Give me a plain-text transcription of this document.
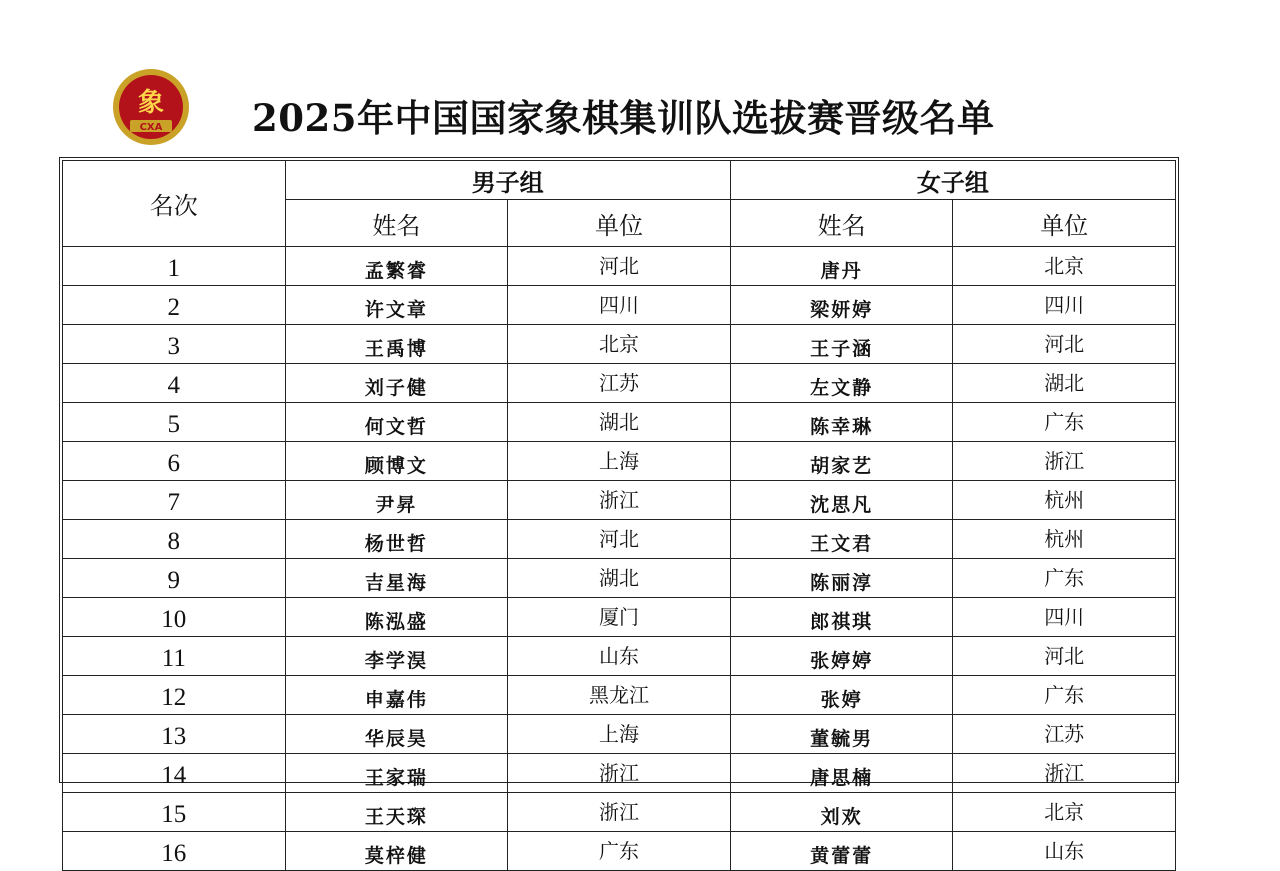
象
CXA 2025年中国国家象棋集训队选拔赛晋级名单
名次	男子组		女子组	
	姓名	单位	姓名	单位
1	孟繁睿	河北	唐丹	北京
2	许文章	四川	梁妍婷	四川
3	王禹博	北京	王子涵	河北
4	刘子健	江苏	左文静	湖北
5	何文哲	湖北	陈幸琳	广东
6	顾博文	上海	胡家艺	浙江
7	尹昇	浙江	沈思凡	杭州
8	杨世哲	河北	王文君	杭州
9	吉星海	湖北	陈丽淳	广东
10	陈泓盛	厦门	郎祺琪	四川
11	李学淏	山东	张婷婷	河北
12	申嘉伟	黑龙江	张婷	广东
13	华辰昊	上海	董毓男	江苏
14	王家瑞	浙江	唐思楠	浙江
15	王天琛	浙江	刘欢	北京
16	莫梓健	广东	黄蕾蕾	山东
